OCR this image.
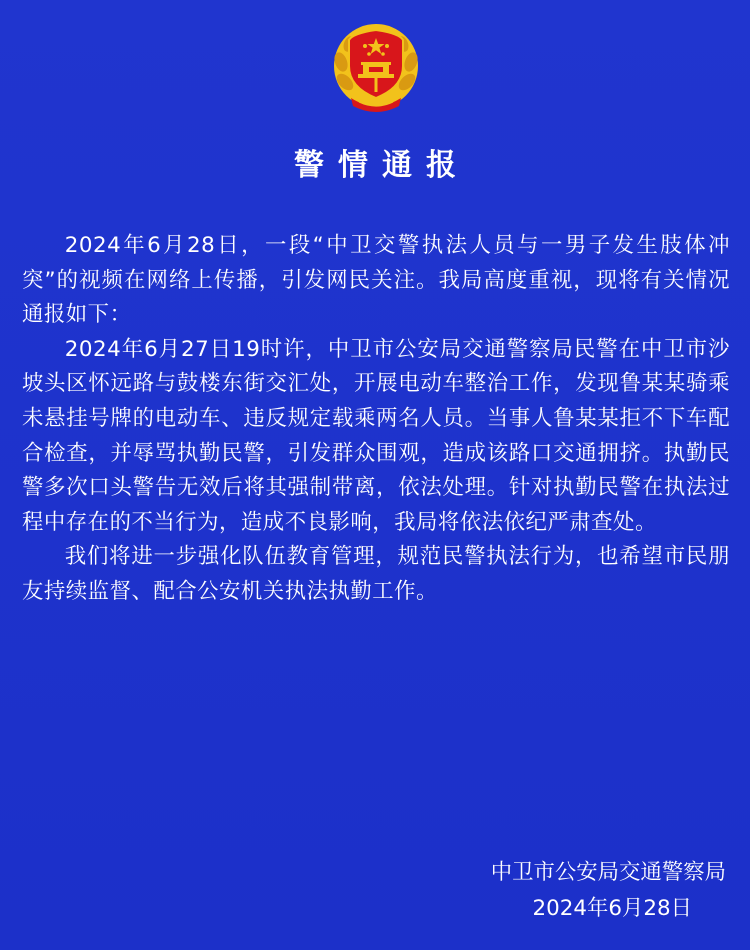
警情通报

2024年6月28日，一段“中卫交警执法人员与一男子发生肢体冲突”的视频在网络上传播，引发网民关注。我局高度重视，现将有关情况通报如下：

2024年6月27日19时许，中卫市公安局交通警察局民警在中卫市沙坡头区怀远路与鼓楼东街交汇处，开展电动车整治工作，发现鲁某某骑乘未悬挂号牌的电动车、违反规定载乘两名人员。当事人鲁某某拒不下车配合检查，并辱骂执勤民警，引发群众围观，造成该路口交通拥挤。执勤民警多次口头警告无效后将其强制带离，依法处理。针对执勤民警在执法过程中存在的不当行为，造成不良影响，我局将依法依纪严肃查处。

我们将进一步强化队伍教育管理，规范民警执法行为，也希望市民朋友持续监督、配合公安机关执法执勤工作。

中卫市公安局交通警察局
2024年6月28日
